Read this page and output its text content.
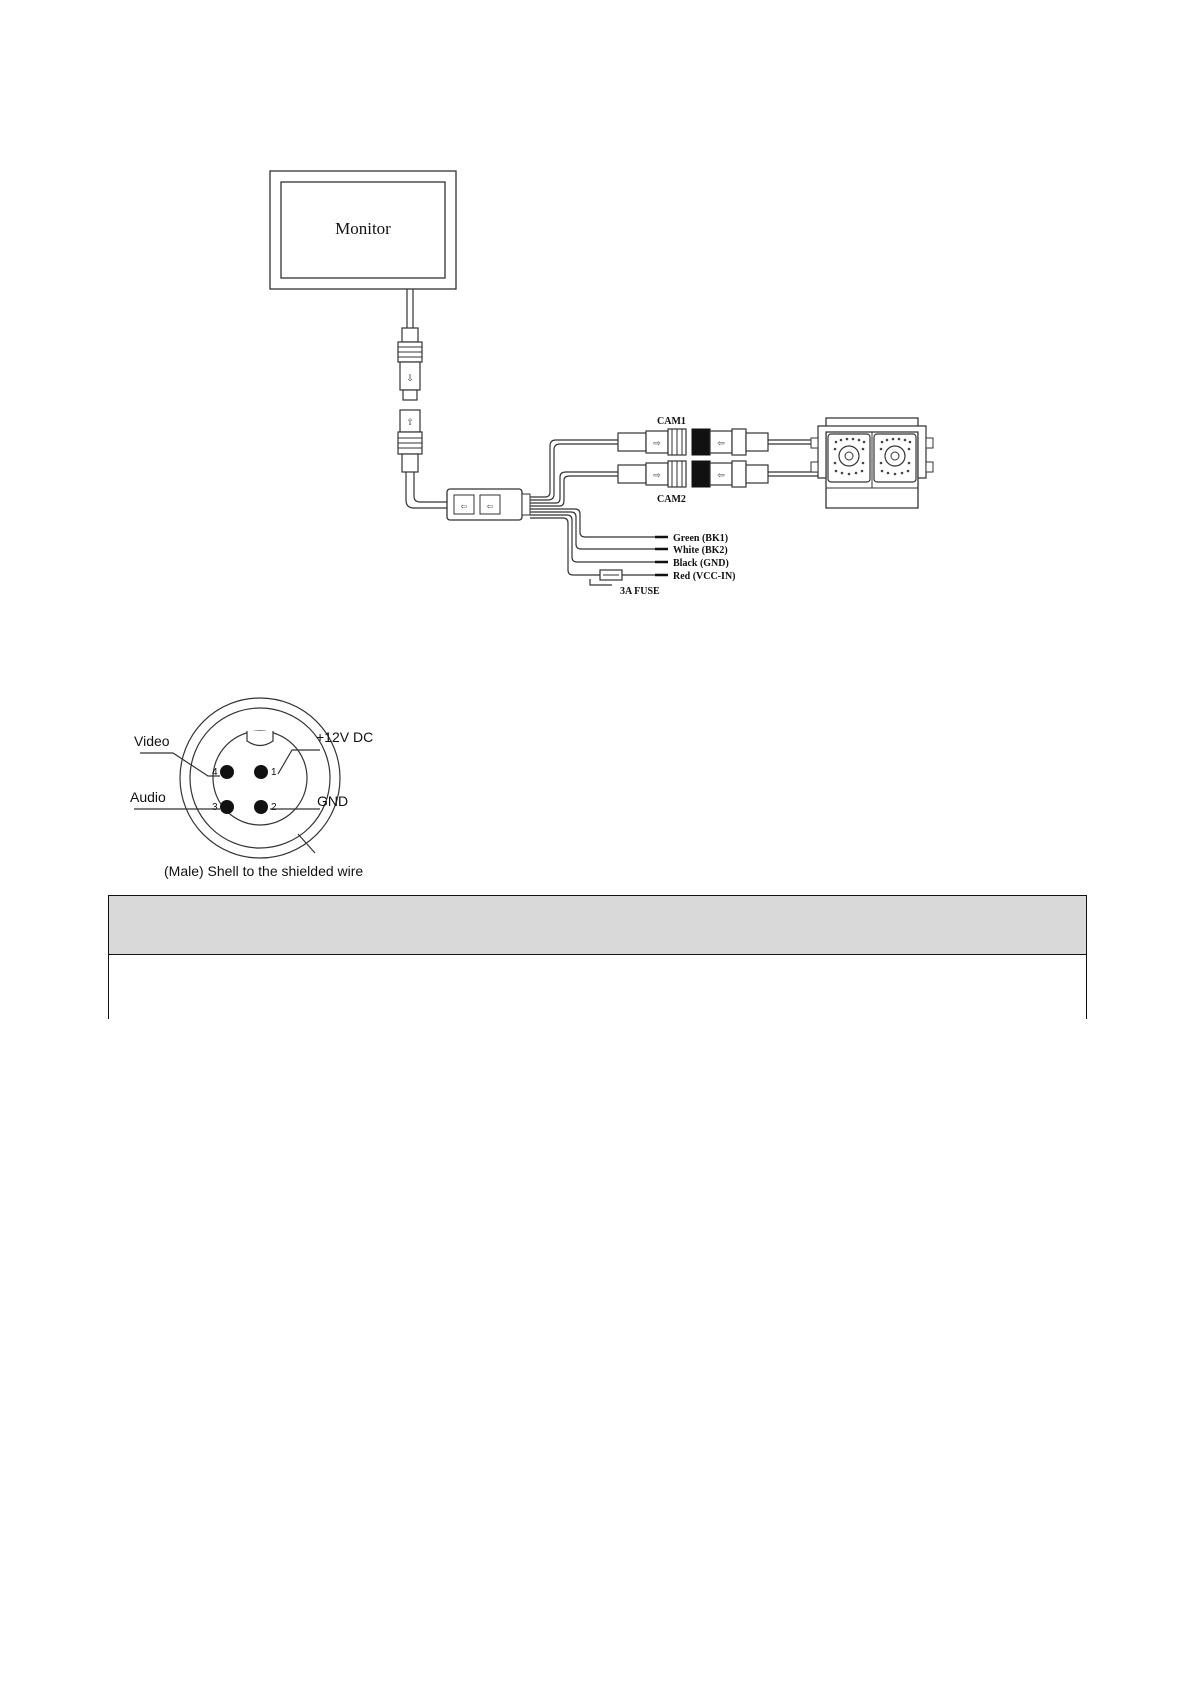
Monitor
⇩
⇧
⇦ ⇦
Green (BK1)
White (BK2)
Black (GND)
Red (VCC-IN)
3A FUSE
⇨	⇦
CAM1
⇨	⇦
CAM2
4	1
3	2
Video	+12V DC
Audio	GND
(Male) Shell to the shielded wire
